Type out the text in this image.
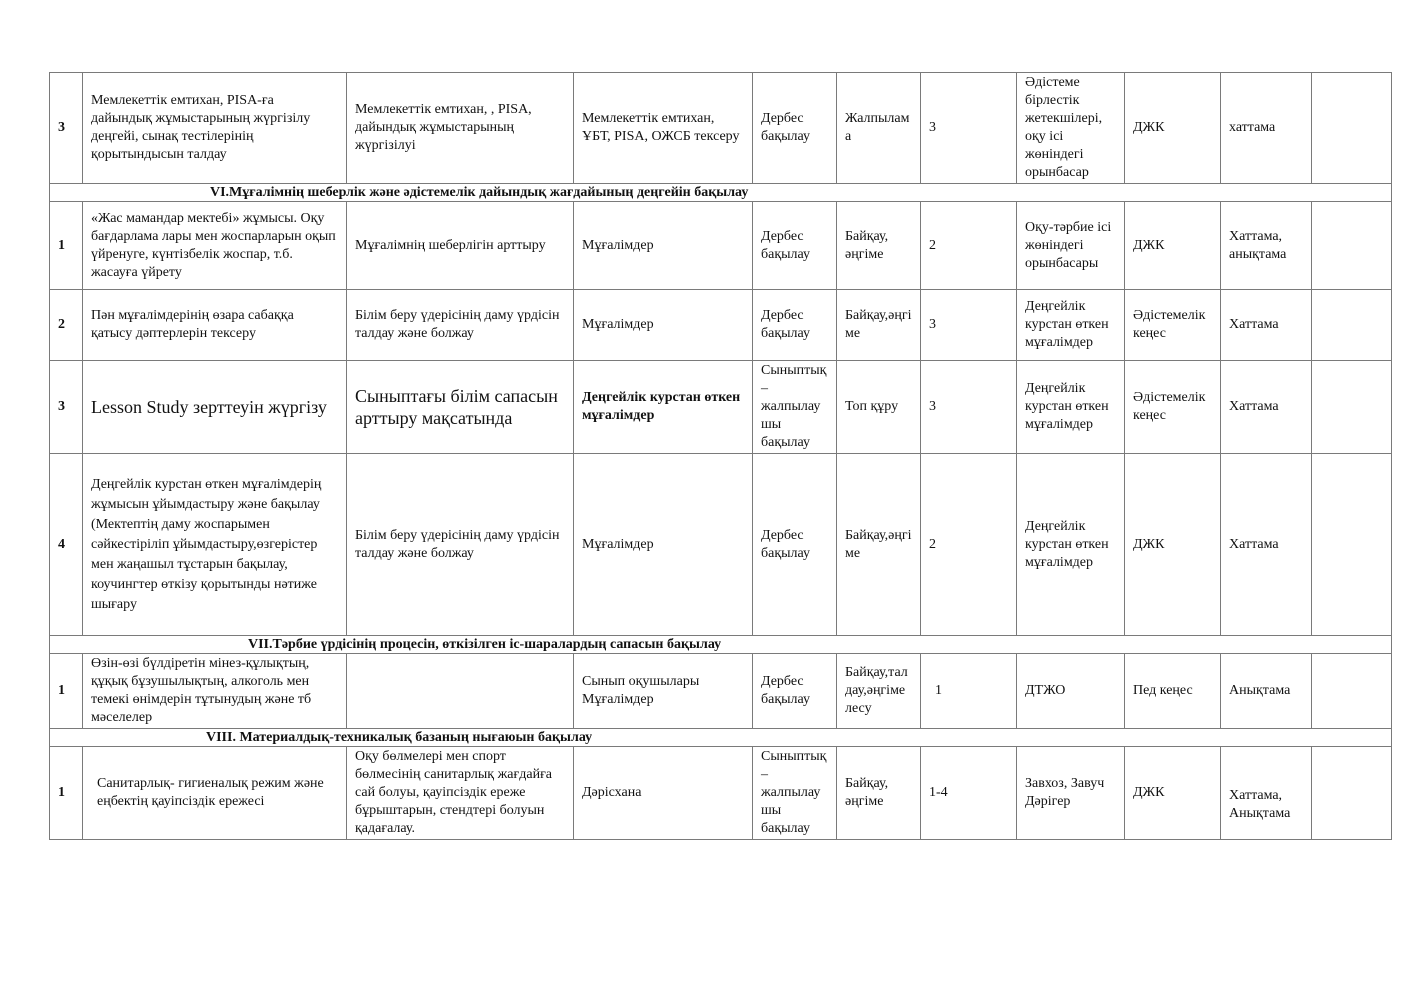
3	Мемлекеттік емтихан, PISA-ға дайындық жұмыстарының жүргізілу деңгейі, сынақ тестілерінің қорытындысын талдау	Мемлекеттік емтихан, , PISA, дайындық жұмыстарының жүргізілуі	Мемлекеттік емтихан, ҰБТ, PISA, ОЖСБ тексеру	Дербес бақылау	Жалпылама	3	Әдістеме бірлестік жетекшілері, оқу ісі жөніндегі орынбасар	ДЖК	хаттама	
VI.Мұғалімнің шеберлік және әдістемелік дайындық жағдайының деңгейін бақылау										
1	«Жас мамандар мектебі» жұмысы. Оқу бағдарлама лары мен жоспарларын оқып үйренуге, күнтізбелік жоспар, т.б. жасауға үйрету	Мұғалімнің шеберлігін арттыру	Мұғалімдер	Дербес бақылау	Байқау, әңгіме	2	Оқу-тәрбие ісі жөніндегі орынбасары	ДЖК	Хаттама, анықтама	
2	Пән мұғалімдерінің өзара сабаққа қатысу дәптерлерін тексеру	Білім беру үдерісінің даму үрдісін талдау және болжау	Мұғалімдер	Дербес бақылау	Байқау,әңгіме	3	Деңгейлік курстан өткен мұғалімдер	Әдістемелік кеңес	Хаттама	
3	Lesson Study зерттеуін жүргізу	Сыныптағы білім сапасын арттыру мақсатында	Деңгейлік курстан өткен мұғалімдер	Сыныптық – жалпылаушы бақылау	Топ құру	3	Деңгейлік курстан өткен мұғалімдер	Әдістемелік кеңес	Хаттама	
4	Деңгейлік курстан өткен мұғалімдерің жұмысын ұйымдастыру және бақылау (Мектептің даму жоспарымен сәйкестіріліп ұйымдастыру,өзгерістер мен жаңашыл тұстарын бақылау, коучингтер өткізу қорытынды нәтиже шығару	Білім беру үдерісінің даму үрдісін талдау және болжау	Мұғалімдер	Дербес бақылау	Байқау,әңгіме	2	Деңгейлік курстан өткен мұғалімдер	ДЖК	Хаттама	
VII.Тәрбие үрдісінің процесін, өткізілген іс-шаралардың сапасын бақылау										
1	Өзін-өзі бүлдіретін мінез-құлықтың, құқық бұзушылықтың, алкоголь мен темекі өнімдерін тұтынудың және тб мәселелер		Сынып оқушылары Мұғалімдер	Дербес бақылау	Байқау,талдау,әңгімелесу	1	ДТЖО	Пед кеңес	Анықтама	
VIII. Материалдық-техникалық базаның нығаюын бақылау										
1	Санитарлық- гигиеналық режим және еңбектің қауіпсіздік ережесі	Оқу бөлмелері мен спорт бөлмесінің санитарлық жағдайға сай болуы, қауіпсіздік ереже бұрыштарын, стендтері болуын қадағалау.	Дәрісхана	Сыныптық – жалпылаушы бақылау	Байқау, әңгіме	1-4	Завхоз, Завуч Дәрігер	ДЖК	Хаттама, Анықтама	
